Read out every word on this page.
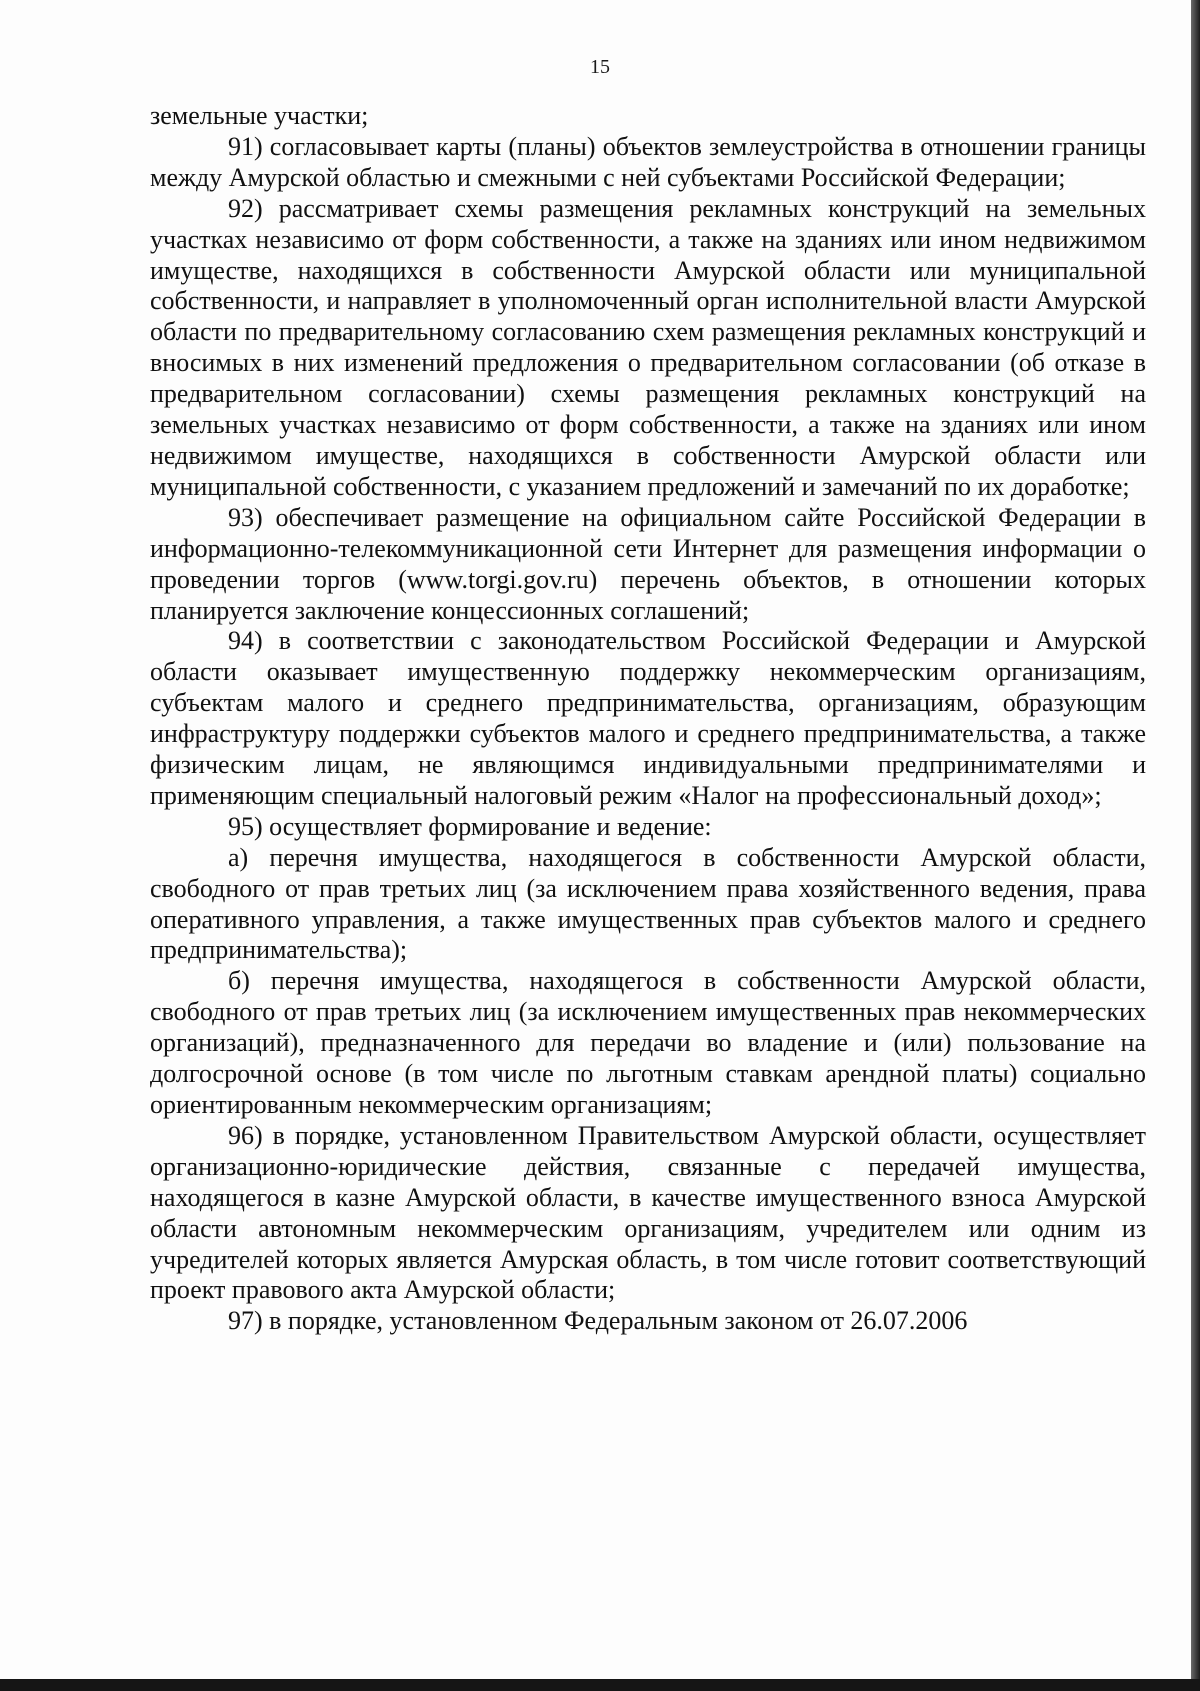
15

земельные участки;

91) согласовывает карты (планы) объектов землеустройства в отношении границы между Амурской областью и смежными с ней субъектами Российской Федерации;

92) рассматривает схемы размещения рекламных конструкций на земельных участках независимо от форм собственности, а также на зданиях или ином недвижимом имуществе, находящихся в собственности Амурской области или муниципальной собственности, и направляет в уполномоченный орган исполнительной власти Амурской области по предварительному согласованию схем размещения рекламных конструкций и вносимых в них изменений предложения о предварительном согласовании (об отказе в предварительном согласовании) схемы размещения рекламных конструкций на земельных участках независимо от форм собственности, а также на зданиях или ином недвижимом имуществе, находящихся в собственности Амурской области или муниципальной собственности, с указанием предложений и замечаний по их доработке;

93) обеспечивает размещение на официальном сайте Российской Федерации в информационно-телекоммуникационной сети Интернет для размещения информации о проведении торгов (www.torgi.gov.ru) перечень объектов, в отношении которых планируется заключение концессионных соглашений;

94) в соответствии с законодательством Российской Федерации и Амурской области оказывает имущественную поддержку некоммерческим организациям, субъектам малого и среднего предпринимательства, организациям, образующим инфраструктуру поддержки субъектов малого и среднего предпринимательства, а также физическим лицам, не являющимся индивидуальными предпринимателями и применяющим специальный налоговый режим «Налог на профессиональный доход»;

95) осуществляет формирование и ведение:

а) перечня имущества, находящегося в собственности Амурской области, свободного от прав третьих лиц (за исключением права хозяйственного ведения, права оперативного управления, а также имущественных прав субъектов малого и среднего предпринимательства);

б) перечня имущества, находящегося в собственности Амурской области, свободного от прав третьих лиц (за исключением имущественных прав некоммерческих организаций), предназначенного для передачи во владение и (или) пользование на долгосрочной основе (в том числе по льготным ставкам арендной платы) социально ориентированным некоммерческим организациям;

96) в порядке, установленном Правительством Амурской области, осуществляет организационно-юридические действия, связанные с передачей имущества, находящегося в казне Амурской области, в качестве имущественного взноса Амурской области автономным некоммерческим организациям, учредителем или одним из учредителей которых является Амурская область, в том числе готовит соответствующий проект правового акта Амурской области;

97) в порядке, установленном Федеральным законом от 26.07.2006
